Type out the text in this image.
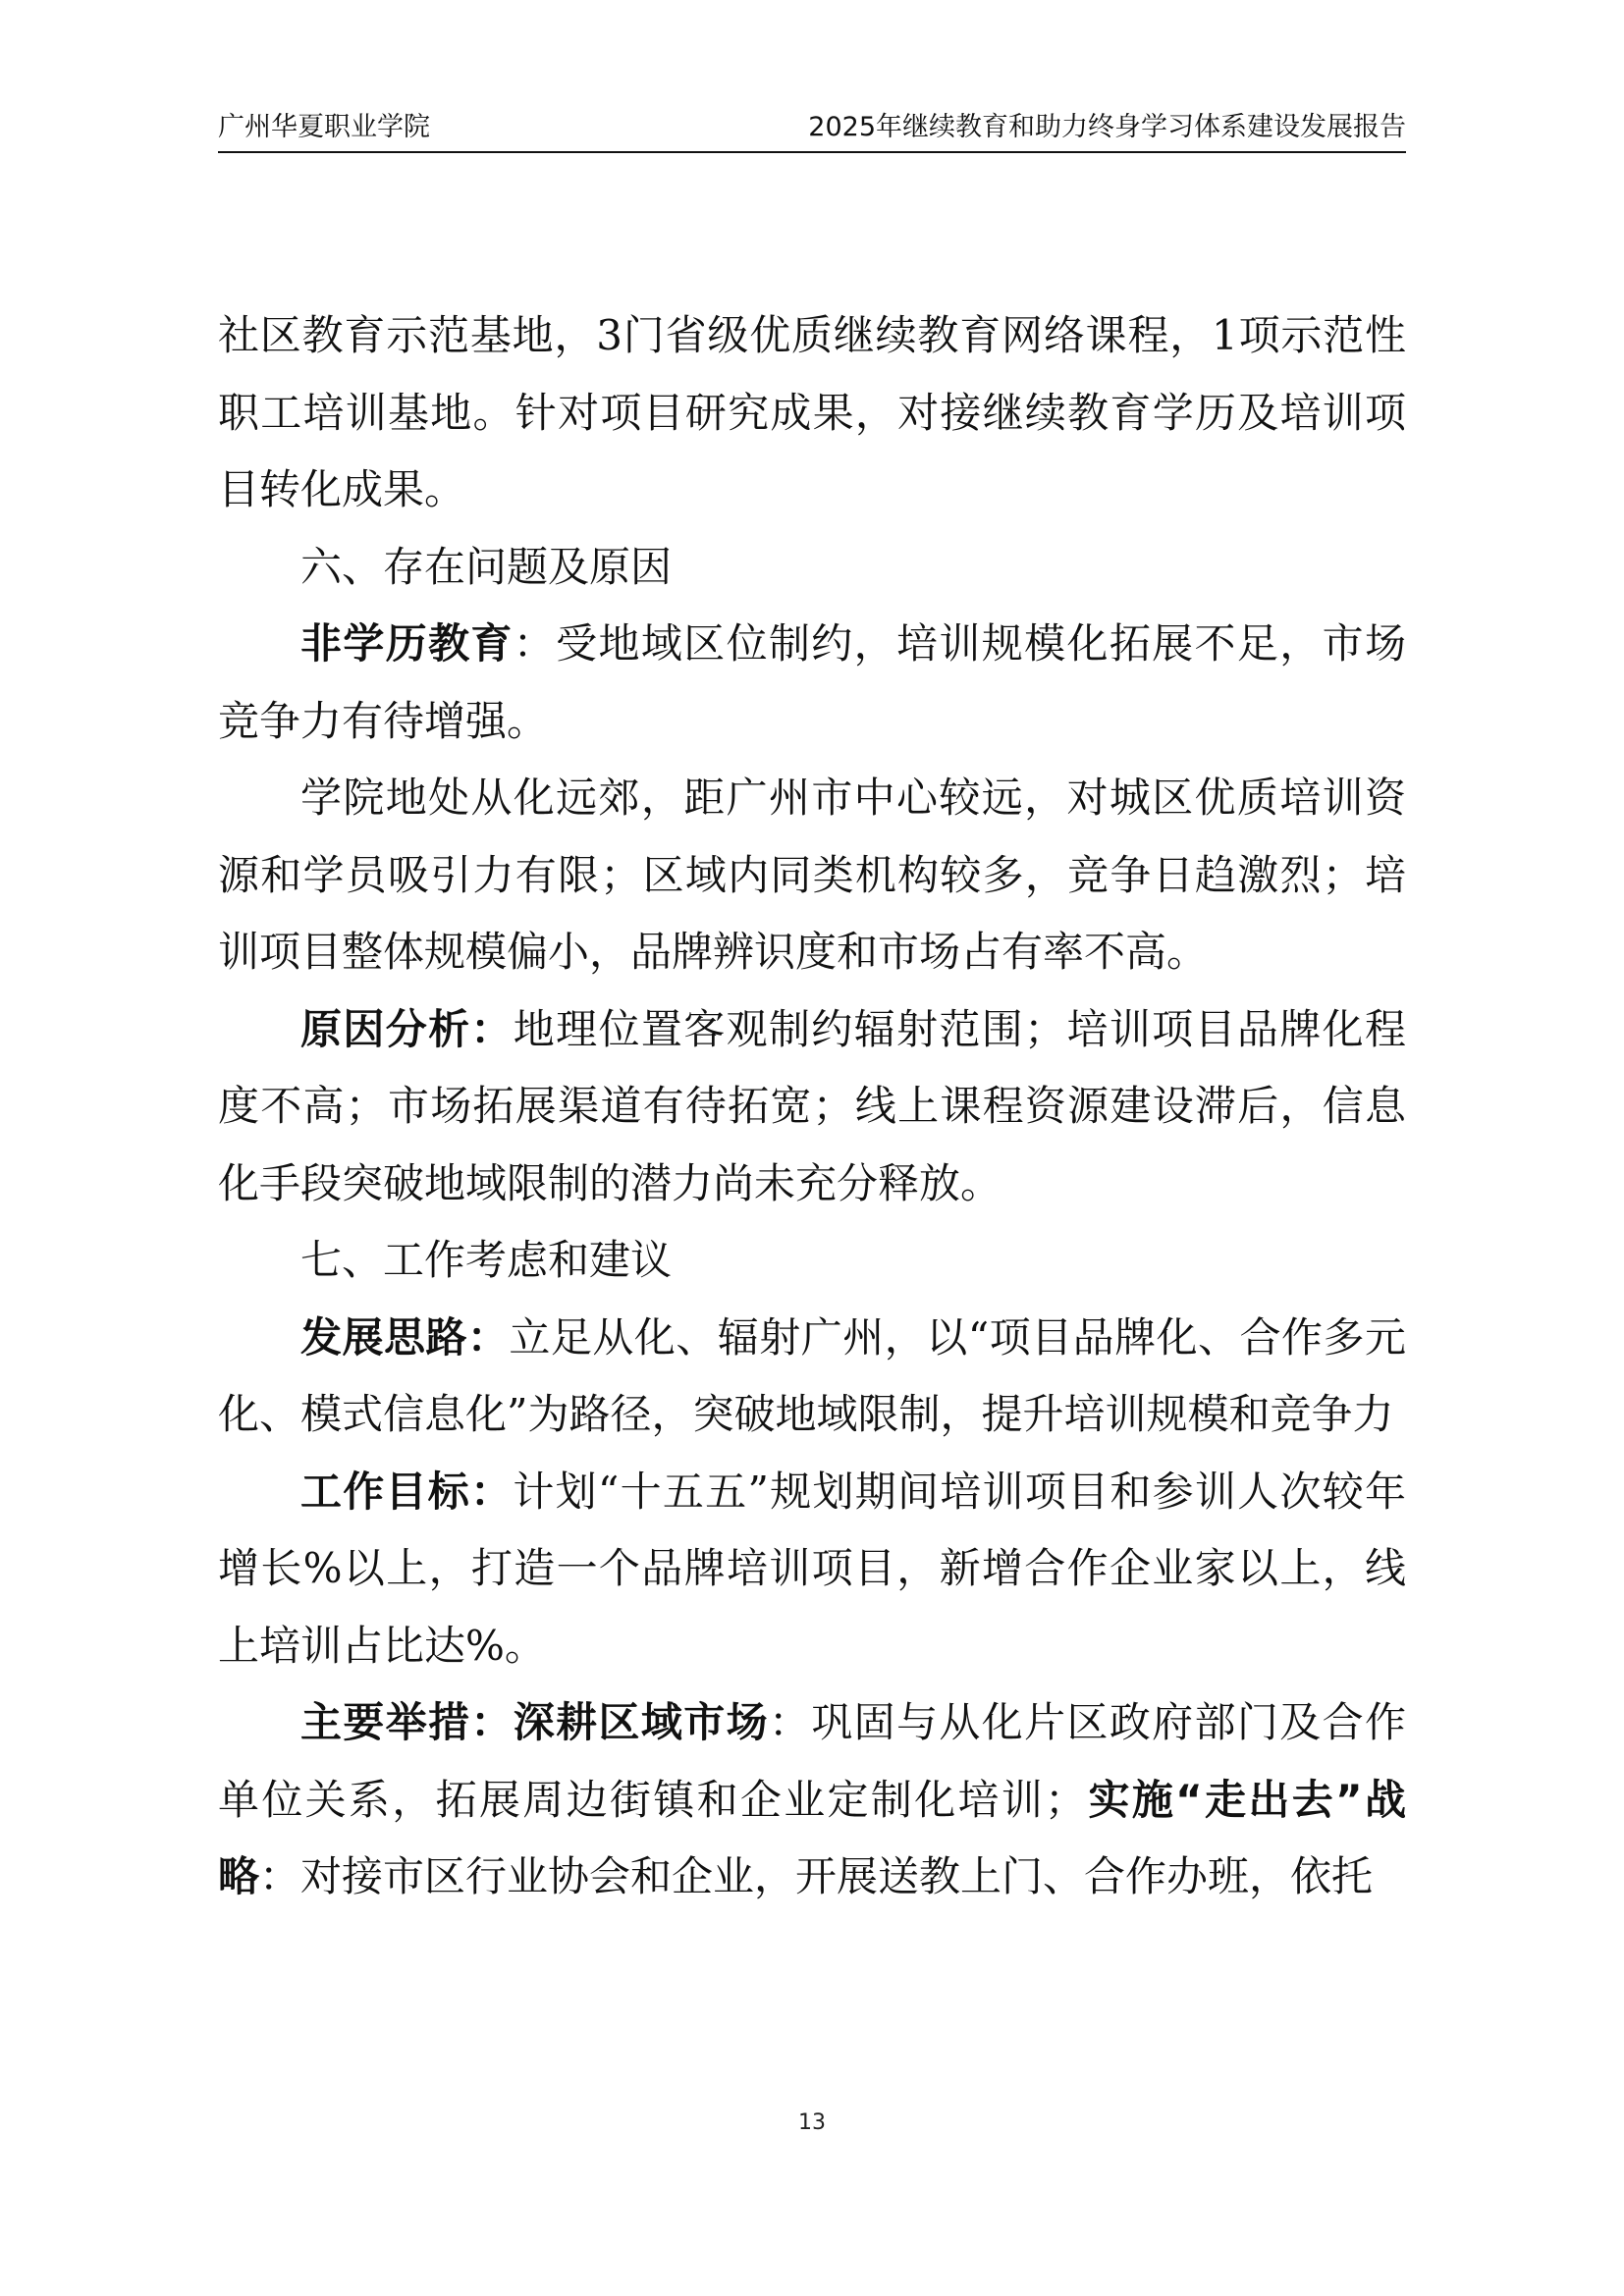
广州华夏职业学院	2025年继续教育和助力终身学习体系建设发展报告

社区教育示范基地，3门省级优质继续教育网络课程，1项示范性职工培训基地。针对项目研究成果，对接继续教育学历及培训项目转化成果。

六、存在问题及原因

非学历教育：受地域区位制约，培训规模化拓展不足，市场竞争力有待增强。

学院地处从化远郊，距广州市中心较远，对城区优质培训资源和学员吸引力有限；区域内同类机构较多，竞争日趋激烈；培训项目整体规模偏小，品牌辨识度和市场占有率不高。

原因分析：地理位置客观制约辐射范围；培训项目品牌化程度不高；市场拓展渠道有待拓宽；线上课程资源建设滞后，信息化手段突破地域限制的潜力尚未充分释放。

七、工作考虑和建议

发展思路：立足从化、辐射广州，以“项目品牌化、合作多元化、模式信息化”为路径，突破地域限制，提升培训规模和竞争力

工作目标：计划“十五五”规划期间培训项目和参训人次较年增长%以上，打造一个品牌培训项目，新增合作企业家以上，线上培训占比达%。

主要举措：深耕区域市场：巩固与从化片区政府部门及合作单位关系，拓展周边街镇和企业定制化培训；实施“走出去”战略：对接市区行业协会和企业，开展送教上门、合作办班，依托

13
